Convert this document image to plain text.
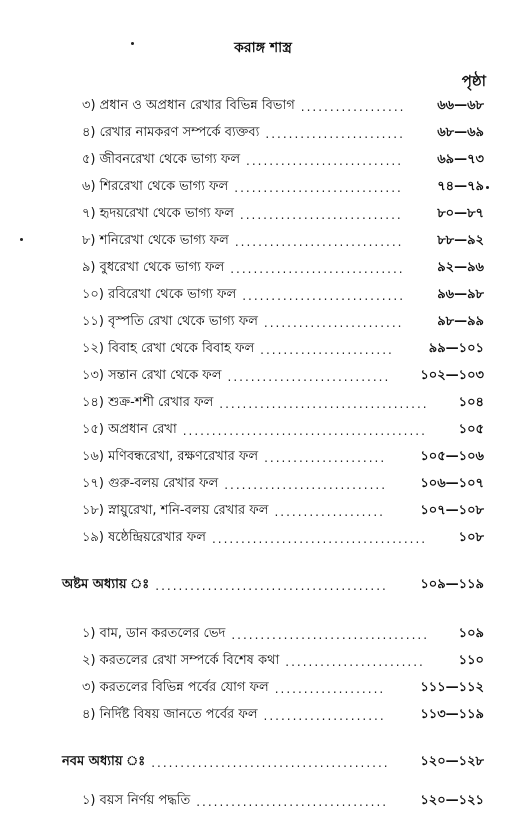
করাঙ্গ শাস্ত্র
পৃষ্ঠা
৩) প্রধান ও অপ্রধান রেখার বিভিন্ন বিভাগ .................. ৬৬—৬৮
৪) রেখার নামকরণ সম্পর্কে ব্যক্তব্য ........................ ৬৮—৬৯
৫) জীবনরেখা থেকে ভাগ্য ফল ...........................	৬৯—৭৩
৬) শিররেখা থেকে ভাগ্য ফল .............................	৭৪—৭৯
৭) হৃদয়রেখা থেকে ভাগ্য ফল ............................	৮০—৮৭
৮) শনিরেখা থেকে ভাগ্য ফল .............................	৮৮—৯২
৯) বুধরেখা থেকে ভাগ্য ফল ..............................	৯২—৯৬
১০) রবিরেখা থেকে ভাগ্য ফল ............................ ৯৬—৯৮
১১) বৃস্পতি রেখা থেকে ভাগ্য ফল ........................	৯৮—৯৯
১২) বিবাহ রেখা থেকে বিবাহ ফল .......................	৯৯—১০১
১৩) সন্তান রেখা থেকে ফল ............................ ১০২—১০৩
১৪) শুক্র-শশী রেখার ফল .................................... ১০৪
১৫) অপ্রধান রেখা .......................................... ১০৫
১৬) মণিবন্ধরেখা, রক্ষণরেখার ফল .....................	১০৫—১০৬
১৭) গুরু-বলয় রেখার ফল ............................	১০৬—১০৭
১৮) স্নায়ুরেখা, শনি-বলয় রেখার ফল ...................	১০৭—১০৮
১৯) ষষ্ঠেন্দ্রিয়রেখার ফল ..................................... ১০৮
অষ্টম অধ্যায় ঃ ........................................	১০৯—১১৯
১) বাম, ডান করতলের ভেদ .................................. ১০৯
২) করতলের রেখা সম্পর্কে বিশেষ কথা ........................	১১০
৩) করতলের বিভিন্ন পর্বের যোগ ফল ...................	১১১—১১২
৪) নির্দিষ্ট বিষয় জানতে পর্বের ফল .....................	১১৩—১১৯
নবম অধ্যায় ঃ ......................................... ১২০—১২৮
১) বয়স নির্ণয় পদ্ধতি ................................. ১২০—১২১
